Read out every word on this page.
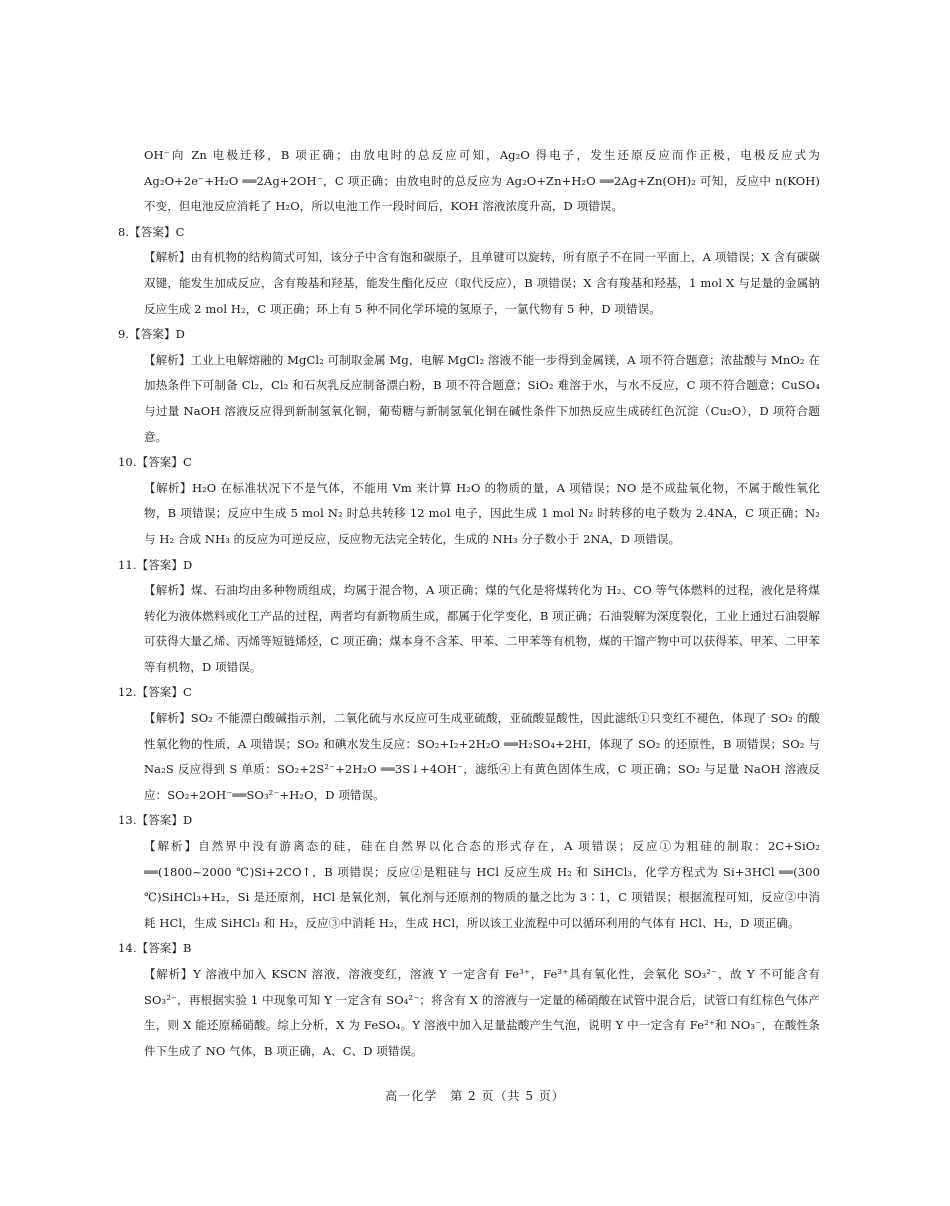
OH⁻向 Zn 电极迁移，B 项正确；由放电时的总反应可知，Ag₂O 得电子，发生还原反应而作正极，电极反应式为 Ag₂O+2e⁻+H₂O ══2Ag+2OH⁻，C 项正确；由放电时的总反应为 Ag₂O+Zn+H₂O ══2Ag+Zn(OH)₂ 可知，反应中 n(KOH) 不变，但电池反应消耗了 H₂O，所以电池工作一段时间后，KOH 溶液浓度升高，D 项错误。

8.【答案】C

【解析】由有机物的结构简式可知，该分子中含有饱和碳原子，且单键可以旋转，所有原子不在同一平面上，A 项错误；X 含有碳碳双键，能发生加成反应，含有羧基和羟基，能发生酯化反应（取代反应），B 项错误；X 含有羧基和羟基，1 mol X 与足量的金属钠反应生成 2 mol H₂，C 项正确；环上有 5 种不同化学环境的氢原子，一氯代物有 5 种，D 项错误。

9.【答案】D

【解析】工业上电解熔融的 MgCl₂ 可制取金属 Mg，电解 MgCl₂ 溶液不能一步得到金属镁，A 项不符合题意；浓盐酸与 MnO₂ 在加热条件下可制备 Cl₂，Cl₂ 和石灰乳反应制备漂白粉，B 项不符合题意；SiO₂ 难溶于水，与水不反应，C 项不符合题意；CuSO₄ 与过量 NaOH 溶液反应得到新制氢氧化铜，葡萄糖与新制氢氧化铜在碱性条件下加热反应生成砖红色沉淀（Cu₂O），D 项符合题意。

10.【答案】C

【解析】H₂O 在标准状况下不是气体，不能用 Vm 来计算 H₂O 的物质的量，A 项错误；NO 是不成盐氧化物，不属于酸性氧化物，B 项错误；反应中生成 5 mol N₂ 时总共转移 12 mol 电子，因此生成 1 mol N₂ 时转移的电子数为 2.4NA，C 项正确；N₂ 与 H₂ 合成 NH₃ 的反应为可逆反应，反应物无法完全转化，生成的 NH₃ 分子数小于 2NA，D 项错误。

11.【答案】D

【解析】煤、石油均由多种物质组成，均属于混合物，A 项正确；煤的气化是将煤转化为 H₂、CO 等气体燃料的过程，液化是将煤转化为液体燃料或化工产品的过程，两者均有新物质生成，都属于化学变化，B 项正确；石油裂解为深度裂化，工业上通过石油裂解可获得大量乙烯、丙烯等短链烯烃，C 项正确；煤本身不含苯、甲苯、二甲苯等有机物，煤的干馏产物中可以获得苯、甲苯、二甲苯等有机物，D 项错误。

12.【答案】C

【解析】SO₂ 不能漂白酸碱指示剂，二氧化硫与水反应可生成亚硫酸，亚硫酸显酸性，因此滤纸①只变红不褪色，体现了 SO₂ 的酸性氧化物的性质，A 项错误；SO₂ 和碘水发生反应：SO₂+I₂+2H₂O ══H₂SO₄+2HI，体现了 SO₂ 的还原性，B 项错误；SO₂ 与 Na₂S 反应得到 S 单质：SO₂+2S²⁻+2H₂O ══3S↓+4OH⁻，滤纸④上有黄色固体生成，C 项正确；SO₂ 与足量 NaOH 溶液反应：SO₂+2OH⁻══SO₃²⁻+H₂O，D 项错误。

13.【答案】D

【解析】自然界中没有游离态的硅，硅在自然界以化合态的形式存在，A 项错误；反应①为粗硅的制取：2C+SiO₂ ══(1800~2000 ℃)Si+2CO↑，B 项错误；反应②是粗硅与 HCl 反应生成 H₂ 和 SiHCl₃，化学方程式为 Si+3HCl ══(300 ℃)SiHCl₃+H₂，Si 是还原剂，HCl 是氧化剂，氧化剂与还原剂的物质的量之比为 3∶1，C 项错误；根据流程可知，反应②中消耗 HCl，生成 SiHCl₃ 和 H₂，反应③中消耗 H₂，生成 HCl，所以该工业流程中可以循环利用的气体有 HCl、H₂，D 项正确。

14.【答案】B

【解析】Y 溶液中加入 KSCN 溶液，溶液变红，溶液 Y 一定含有 Fe³⁺，Fe³⁺具有氧化性，会氧化 SO₃²⁻，故 Y 不可能含有 SO₃²⁻，再根据实验 1 中现象可知 Y 一定含有 SO₄²⁻；将含有 X 的溶液与一定量的稀硝酸在试管中混合后，试管口有红棕色气体产生，则 X 能还原稀硝酸。综上分析，X 为 FeSO₄。Y 溶液中加入足量盐酸产生气泡，说明 Y 中一定含有 Fe²⁺和 NO₃⁻，在酸性条件下生成了 NO 气体，B 项正确，A、C、D 项错误。

高一化学　第 2 页（共 5 页）
